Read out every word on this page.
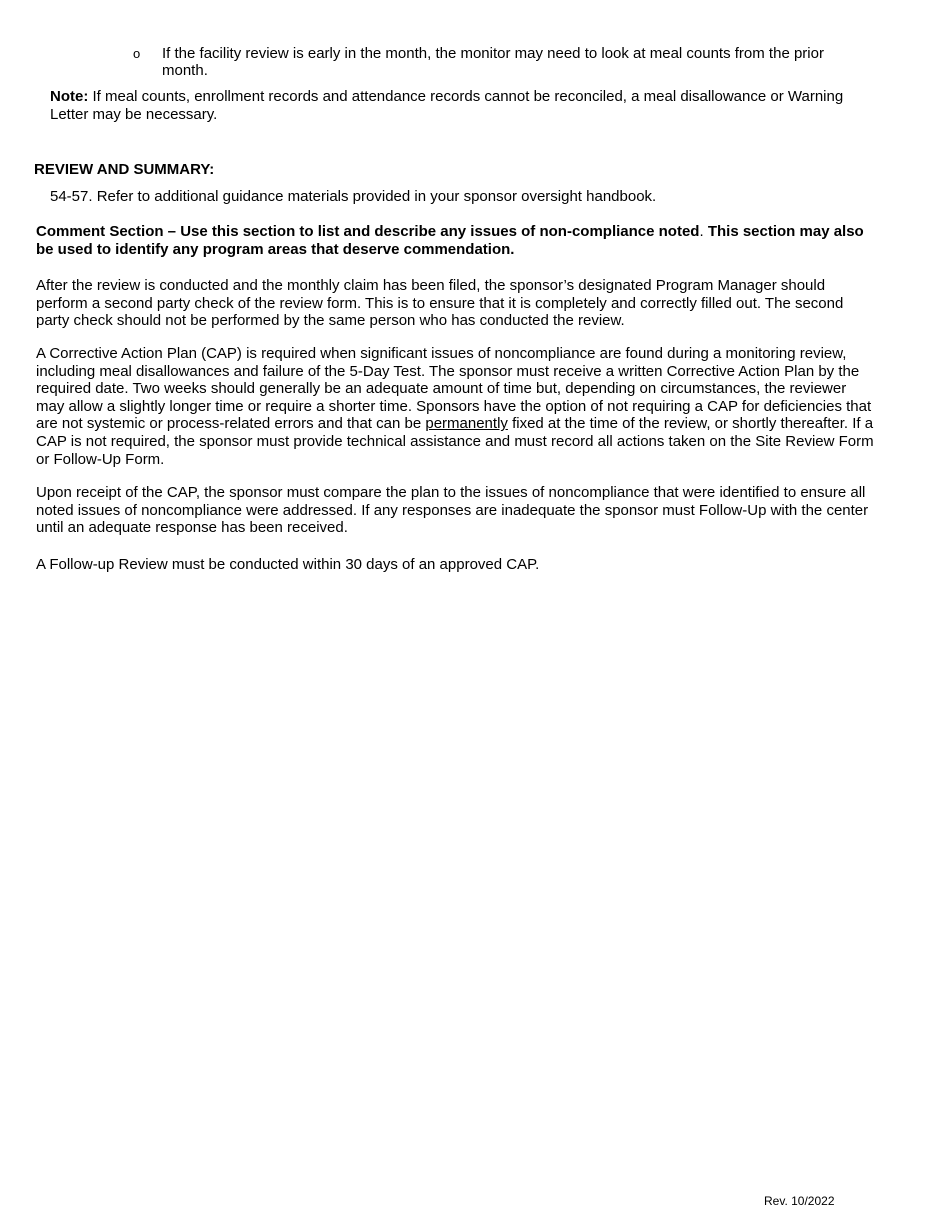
o If the facility review is early in the month, the monitor may need to look at meal counts from the prior month.
Note: If meal counts, enrollment records and attendance records cannot be reconciled, a meal disallowance or Warning Letter may be necessary.
REVIEW AND SUMMARY:
54-57. Refer to additional guidance materials provided in your sponsor oversight handbook.
Comment Section – Use this section to list and describe any issues of non-compliance noted. This section may also be used to identify any program areas that deserve commendation.

After the review is conducted and the monthly claim has been filed, the sponsor’s designated Program Manager should perform a second party check of the review form. This is to ensure that it is completely and correctly filled out. The second party check should not be performed by the same person who has conducted the review.

A Corrective Action Plan (CAP) is required when significant issues of noncompliance are found during a monitoring review, including meal disallowances and failure of the 5-Day Test. The sponsor must receive a written Corrective Action Plan by the required date. Two weeks should generally be an adequate amount of time but, depending on circumstances, the reviewer may allow a slightly longer time or require a shorter time. Sponsors have the option of not requiring a CAP for deficiencies that are not systemic or process-related errors and that can be permanently fixed at the time of the review, or shortly thereafter. If a CAP is not required, the sponsor must provide technical assistance and must record all actions taken on the Site Review Form or Follow-Up Form.

Upon receipt of the CAP, the sponsor must compare the plan to the issues of noncompliance that were identified to ensure all noted issues of noncompliance were addressed. If any responses are inadequate the sponsor must Follow-Up with the center until an adequate response has been received.

A Follow-up Review must be conducted within 30 days of an approved CAP.

Rev. 10/2022
